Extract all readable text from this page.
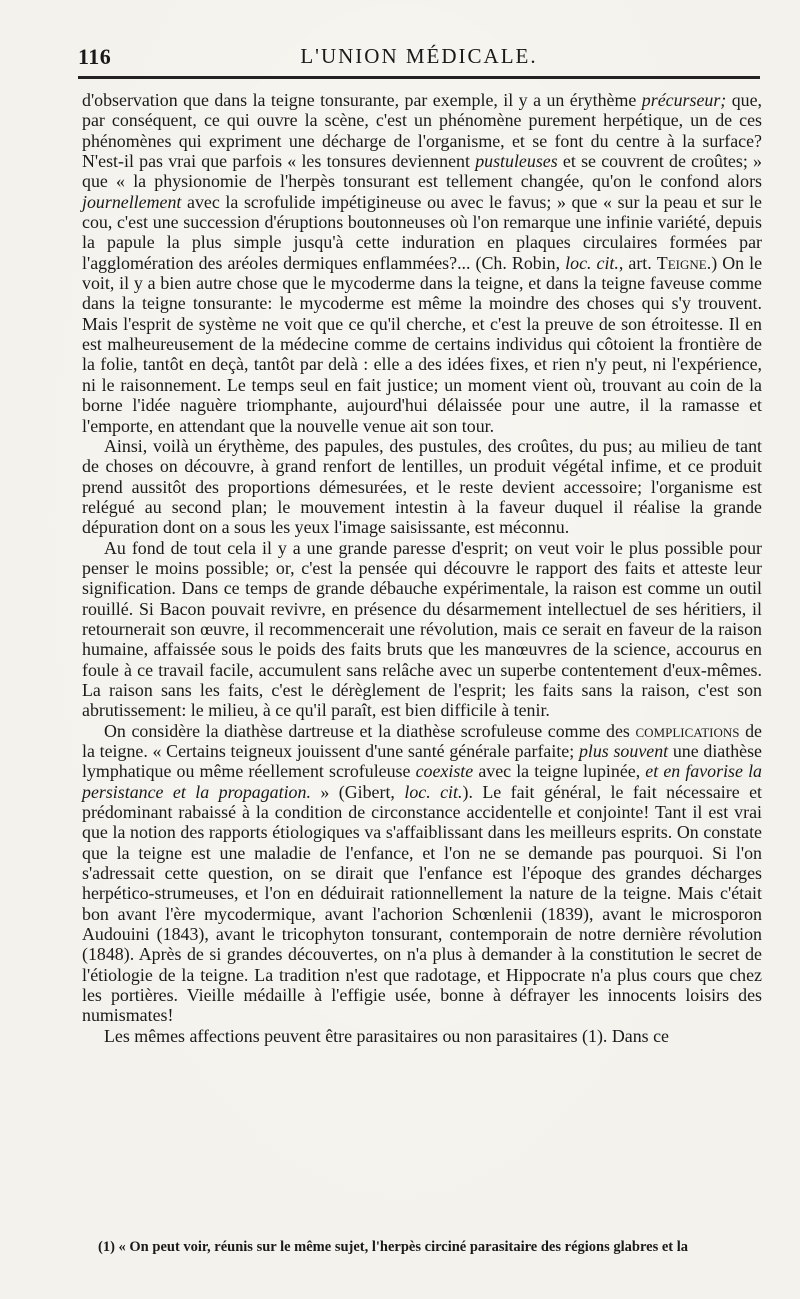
116	L'UNION MÉDICALE.

d'observation que dans la teigne tonsurante, par exemple, il y a un érythème précurseur; que, par conséquent, ce qui ouvre la scène, c'est un phénomène purement herpétique, un de ces phénomènes qui expriment une décharge de l'organisme, et se font du centre à la surface? N'est-il pas vrai que parfois « les tonsures deviennent pustuleuses et se couvrent de croûtes; » que « la physionomie de l'herpès tonsurant est tellement changée, qu'on le confond alors journellement avec la scrofulide impétigineuse ou avec le favus; » que « sur la peau et sur le cou, c'est une succession d'éruptions boutonneuses où l'on remarque une infinie variété, depuis la papule la plus simple jusqu'à cette induration en plaques circulaires formées par l'agglomération des aréoles dermiques enflammées?... (Ch. Robin, loc. cit., art. Teigne.) On le voit, il y a bien autre chose que le mycoderme dans la teigne, et dans la teigne faveuse comme dans la teigne tonsurante: le mycoderme est même la moindre des choses qui s'y trouvent. Mais l'esprit de système ne voit que ce qu'il cherche, et c'est la preuve de son étroitesse. Il en est malheureusement de la médecine comme de certains individus qui côtoient la frontière de la folie, tantôt en deçà, tantôt par delà : elle a des idées fixes, et rien n'y peut, ni l'expérience, ni le raisonnement. Le temps seul en fait justice; un moment vient où, trouvant au coin de la borne l'idée naguère triomphante, aujourd'hui délaissée pour une autre, il la ramasse et l'emporte, en attendant que la nouvelle venue ait son tour.

Ainsi, voilà un érythème, des papules, des pustules, des croûtes, du pus; au milieu de tant de choses on découvre, à grand renfort de lentilles, un produit végétal infime, et ce produit prend aussitôt des proportions démesurées, et le reste devient accessoire; l'organisme est relégué au second plan; le mouvement intestin à la faveur duquel il réalise la grande dépuration dont on a sous les yeux l'image saisissante, est méconnu.

Au fond de tout cela il y a une grande paresse d'esprit; on veut voir le plus possible pour penser le moins possible; or, c'est la pensée qui découvre le rapport des faits et atteste leur signification. Dans ce temps de grande débauche expérimentale, la raison est comme un outil rouillé. Si Bacon pouvait revivre, en présence du désarmement intellectuel de ses héritiers, il retournerait son œuvre, il recommencerait une révolution, mais ce serait en faveur de la raison humaine, affaissée sous le poids des faits bruts que les manœuvres de la science, accourus en foule à ce travail facile, accumulent sans relâche avec un superbe contentement d'eux-mêmes. La raison sans les faits, c'est le dérèglement de l'esprit; les faits sans la raison, c'est son abrutissement: le milieu, à ce qu'il paraît, est bien difficile à tenir.

On considère la diathèse dartreuse et la diathèse scrofuleuse comme des complications de la teigne. « Certains teigneux jouissent d'une santé générale parfaite; plus souvent une diathèse lymphatique ou même réellement scrofuleuse coexiste avec la teigne lupinée, et en favorise la persistance et la propagation. » (Gibert, loc. cit.). Le fait général, le fait nécessaire et prédominant rabaissé à la condition de circonstance accidentelle et conjointe! Tant il est vrai que la notion des rapports étiologiques va s'affaiblissant dans les meilleurs esprits. On constate que la teigne est une maladie de l'enfance, et l'on ne se demande pas pourquoi. Si l'on s'adressait cette question, on se dirait que l'enfance est l'époque des grandes décharges herpético-strumeuses, et l'on en déduirait rationnellement la nature de la teigne. Mais c'était bon avant l'ère mycodermique, avant l'achorion Schœnlenii (1839), avant le microsporon Audouini (1843), avant le tricophyton tonsurant, contemporain de notre dernière révolution (1848). Après de si grandes découvertes, on n'a plus à demander à la constitution le secret de l'étiologie de la teigne. La tradition n'est que radotage, et Hippocrate n'a plus cours que chez les portières. Vieille médaille à l'effigie usée, bonne à défrayer les innocents loisirs des numismates!

Les mêmes affections peuvent être parasitaires ou non parasitaires (1). Dans ce

(1) « On peut voir, réunis sur le même sujet, l'herpès circiné parasitaire des régions glabres et la
